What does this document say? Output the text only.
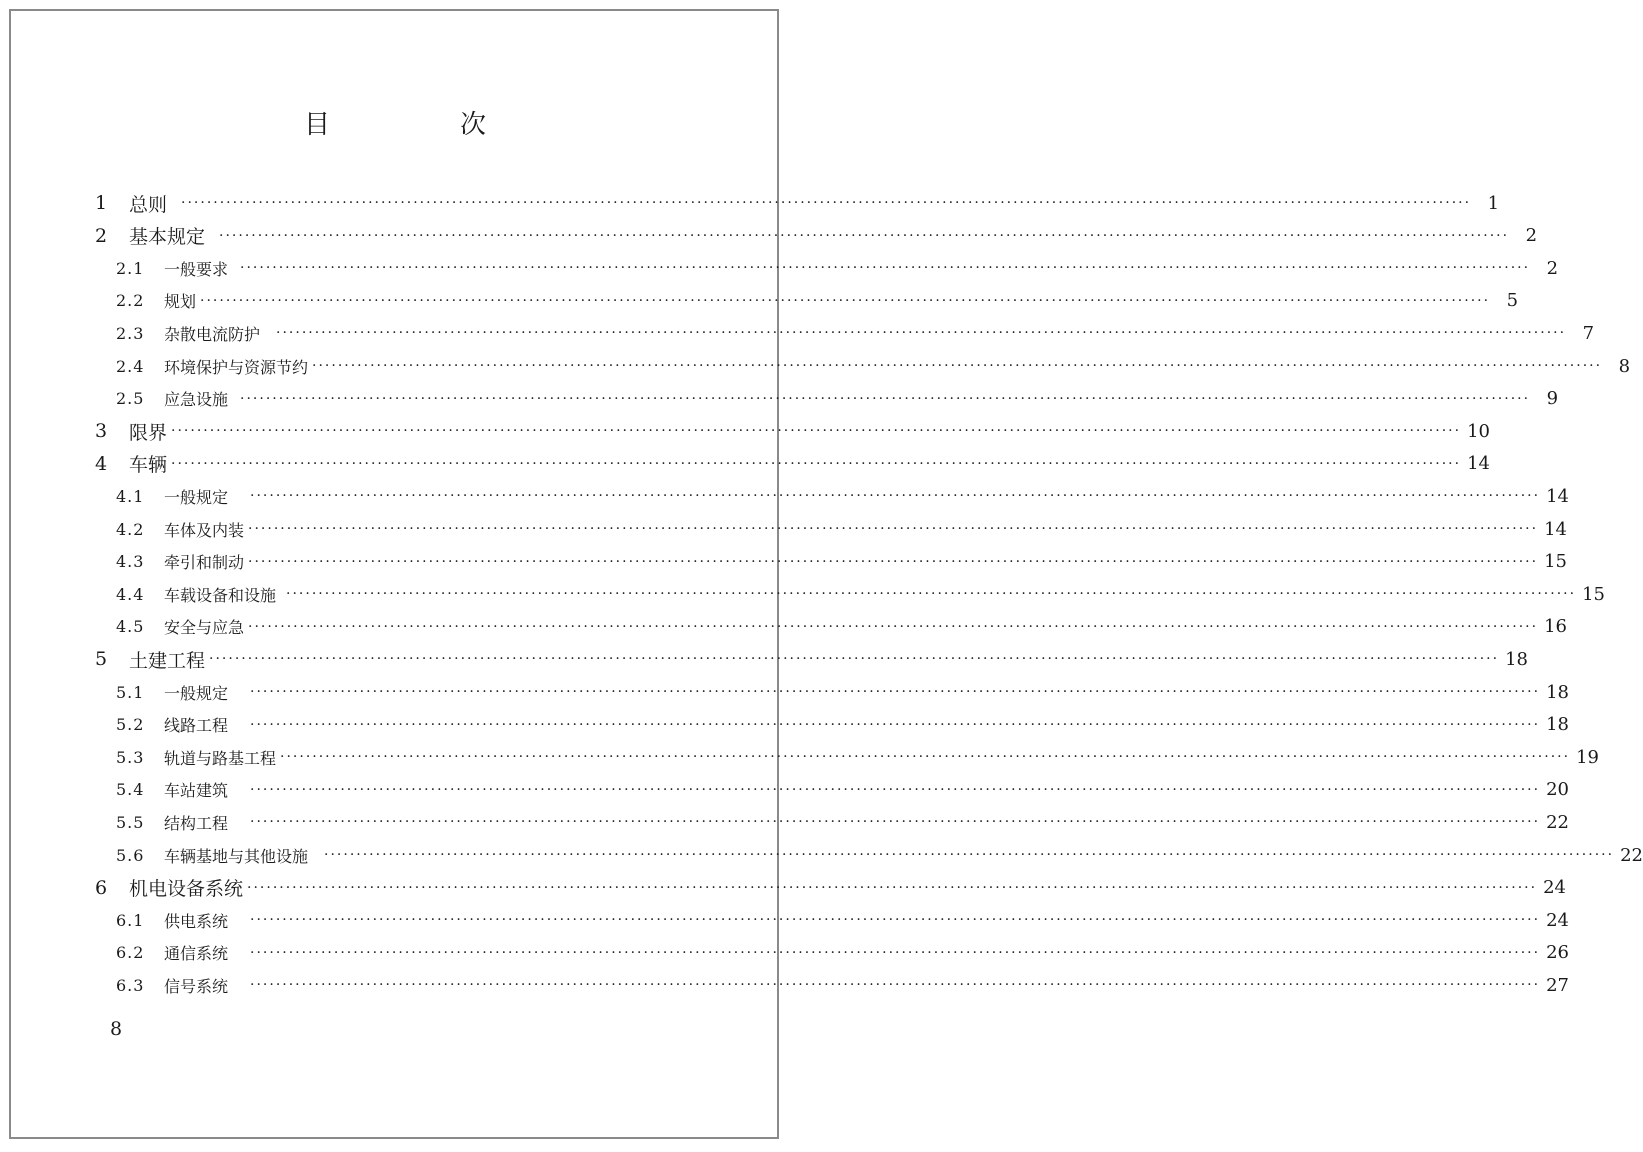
目　次
1	总则 ········································································································································································································ 1
2	基本规定 ········································································································································································································ 2
2.1	一般要求 ········································································································································································································ 2
2.2	规划 ········································································································································································································ 5
2.3	杂散电流防护 ········································································································································································································ 7
2.4	环境保护与资源节约 ········································································································································································································ 8
2.5	应急设施 ········································································································································································································ 9
3	限界 ········································································································································································································ 10
4	车辆 ········································································································································································································ 14
4.1	一般规定 ········································································································································································································ 14
4.2	车体及内装 ········································································································································································································ 14
4.3	牵引和制动 ········································································································································································································ 15
4.4	车载设备和设施 ········································································································································································································ 15
4.5	安全与应急 ········································································································································································································ 16
5	土建工程 ········································································································································································································ 18
5.1	一般规定 ········································································································································································································ 18
5.2	线路工程 ········································································································································································································ 18
5.3	轨道与路基工程 ········································································································································································································ 19
5.4	车站建筑 ········································································································································································································ 20
5.5	结构工程 ········································································································································································································ 22
5.6	车辆基地与其他设施 ········································································································································································································ 22
6	机电设备系统 ········································································································································································································ 24
6.1	供电系统 ········································································································································································································ 24
6.2	通信系统 ········································································································································································································ 26
6.3	信号系统 ········································································································································································································ 27
8
